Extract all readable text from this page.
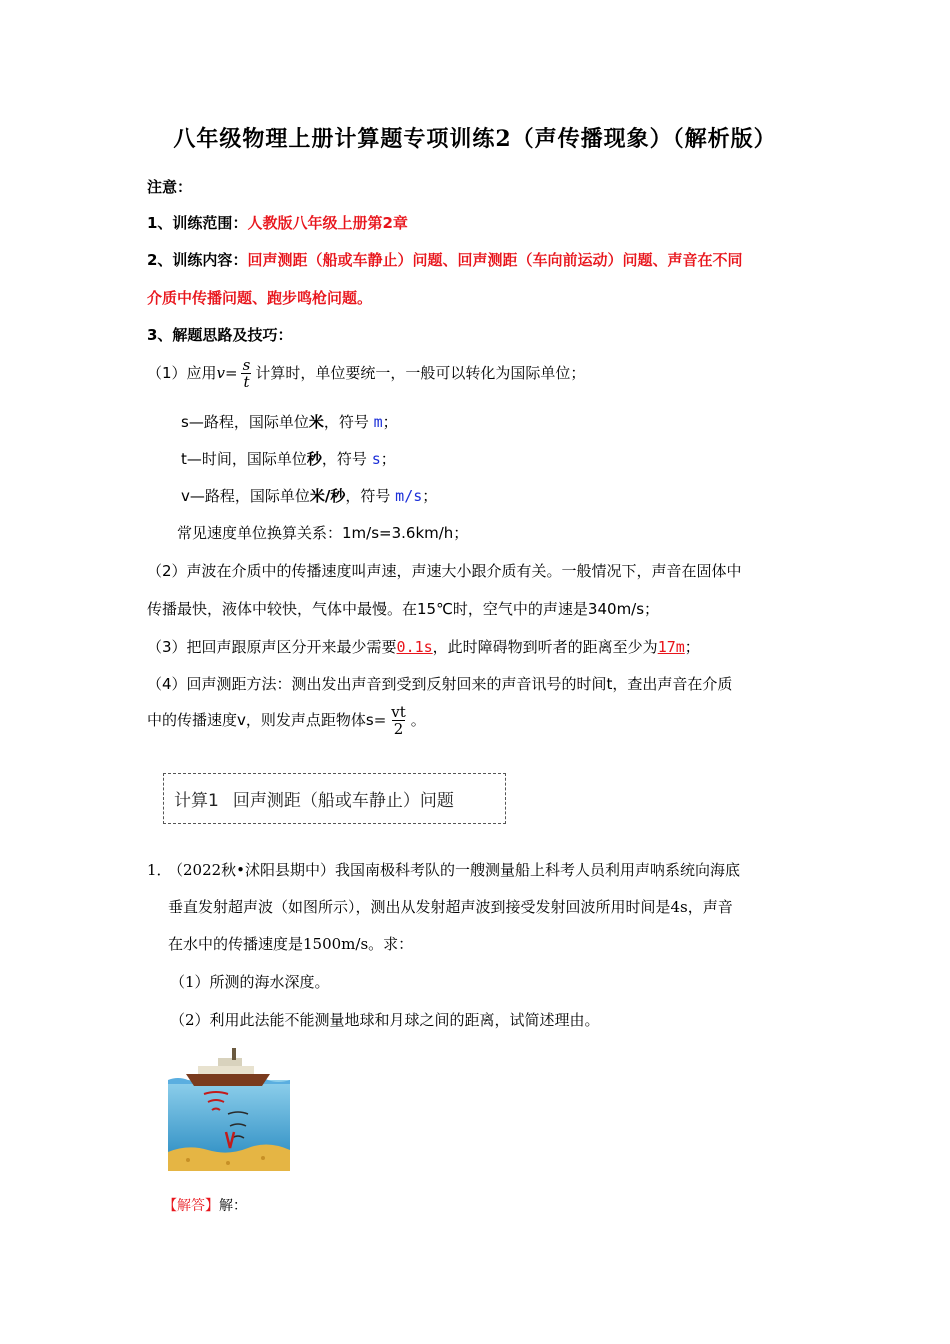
八年级物理上册计算题专项训练2（声传播现象）（解析版）
注意：
1、训练范围：人教版八年级上册第2章
2、训练内容：回声测距（船或车静止）问题、回声测距（车向前运动）问题、声音在不同
介质中传播问题、跑步鸣枪问题。
3、解题思路及技巧：
（1）应用$v= \frac{s}{t}$ 计算时，单位要统一，一般可以转化为国际单位；
s—路程，国际单位米，符号 m；
t—时间，国际单位秒，符号 s；
v—路程，国际单位米/秒，符号 m/s；
常见速度单位换算关系：1m/s=3.6km/h；
（2）声波在介质中的传播速度叫声速，声速大小跟介质有关。一般情况下，声音在固体中
传播最快，液体中较快，气体中最慢。在15℃时，空气中的声速是340m/s；
（3）把回声跟原声区分开来最少需要0.1s，此时障碍物到听者的距离至少为17m；
（4）回声测距方法：测出发出声音到受到反射回来的声音讯号的时间t，查出声音在介质
中的传播速度v，则发声点距物体$s= \frac{vt}{2}$ 。
计算1 回声测距（船或车静止）问题
1．
（2022秋•沭阳县期中）我国南极科考队的一艘测量船上科考人员利用声呐系统向海底
垂直发射超声波（如图所示），测出从发射超声波到接受发射回波所用时间是4s，声音
在水中的传播速度是1500m/s。求：
（1）所测的海水深度。
（2）利用此法能不能测量地球和月球之间的距离，试简述理由。
【解答】解：
